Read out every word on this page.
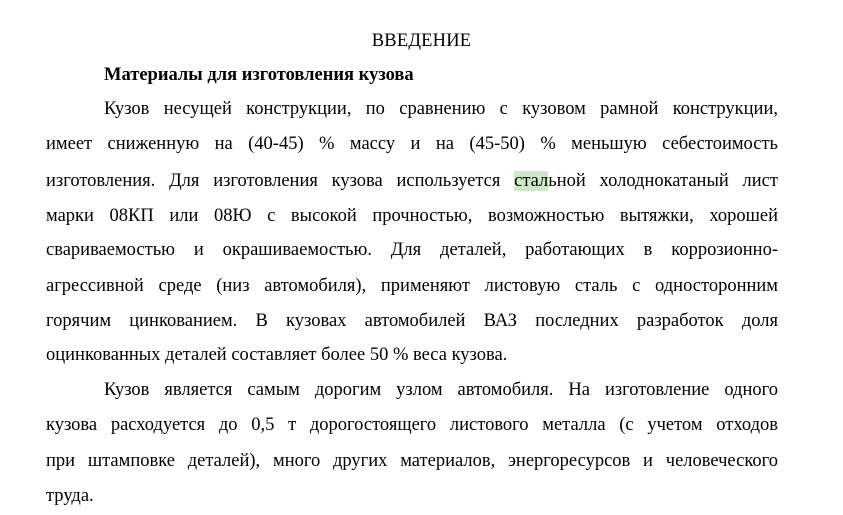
ВВЕДЕНИЕ
Материалы для изготовления кузова
Кузов несущей конструкции, по сравнению с кузовом рамной конструкции,
имеет сниженную на (40-45) % массу и на (45-50) % меньшую себестоимость
изготовления. Для изготовления кузова используется стальной холоднокатаный лист
марки 08КП или 08Ю с высокой прочностью, возможностью вытяжки, хорошей
свариваемостью и окрашиваемостью. Для деталей, работающих в коррозионно-
агрессивной среде (низ автомобиля), применяют листовую сталь с односторонним
горячим цинкованием. В кузовах автомобилей ВАЗ последних разработок доля
оцинкованных деталей составляет более 50 % веса кузова.
Кузов является самым дорогим узлом автомобиля. На изготовление одного
кузова расходуется до 0,5 т дорогостоящего листового металла (с учетом отходов
при штамповке деталей), много других материалов, энергоресурсов и человеческого
труда.
